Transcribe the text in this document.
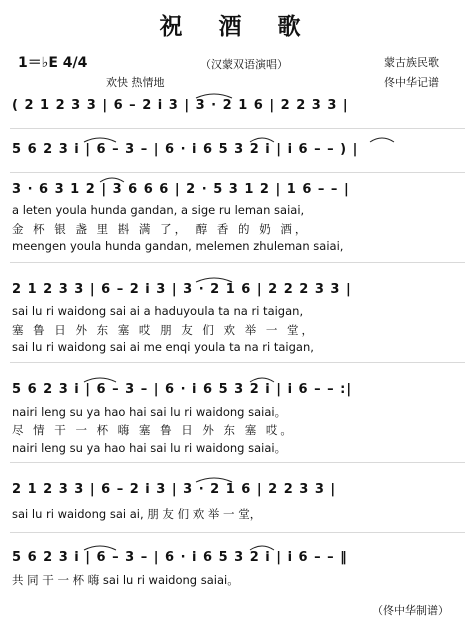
祝 酒 歌
（汉蒙双语演唱）
1＝♭E 4/4	蒙古族民歌
欢快 热情地	佟中华记谱
( 2 1 2 3 3 | 6 – 2 i 3 | 3 · 2 1 6 | 2 2 3 3 |
5 6 2 3 i | 6 – 3 – | 6 · i 6 5 3 2 i | i 6 – – ) |
3 · 6 3 1 2 | 3 6 6 6 | 2 · 5 3 1 2 | 1 6 – – |
a leten youla hunda gandan, a sige ru leman saiai,
金 杯 银 盏 里 斟 满 了， 醇 香 的 奶 酒，
meengen youla hunda gandan, melemen zhuleman saiai,
2 1 2 3 3 | 6 – 2 i 3 | 3 · 2 1 6 | 2 2 2 3 3 |
sai lu ri waidong sai ai a haduyoula ta na ri taigan,
塞 鲁 日 外 东 塞 哎 朋 友 们 欢 举 一 堂，
sai lu ri waidong sai ai me enqi youla ta na ri taigan,
5 6 2 3 i | 6 – 3 – | 6 · i 6 5 3 2 i | i 6 – – :|
nairi leng su ya hao hai sai lu ri waidong saiai。
尽 情 干 一 杯 嗨 塞 鲁 日 外 东 塞 哎。
nairi leng su ya hao hai sai lu ri waidong saiai。
2 1 2 3 3 | 6 – 2 i 3 | 3 · 2 1 6 | 2 2 3 3 |
sai lu ri waidong sai ai, 朋 友 们 欢 举 一 堂，
5 6 2 3 i | 6 – 3 – | 6 · i 6 5 3 2 i | i 6 – – ‖
共 同 干 一 杯 嗨 sai lu ri waidong saiai。
（佟中华制谱）
